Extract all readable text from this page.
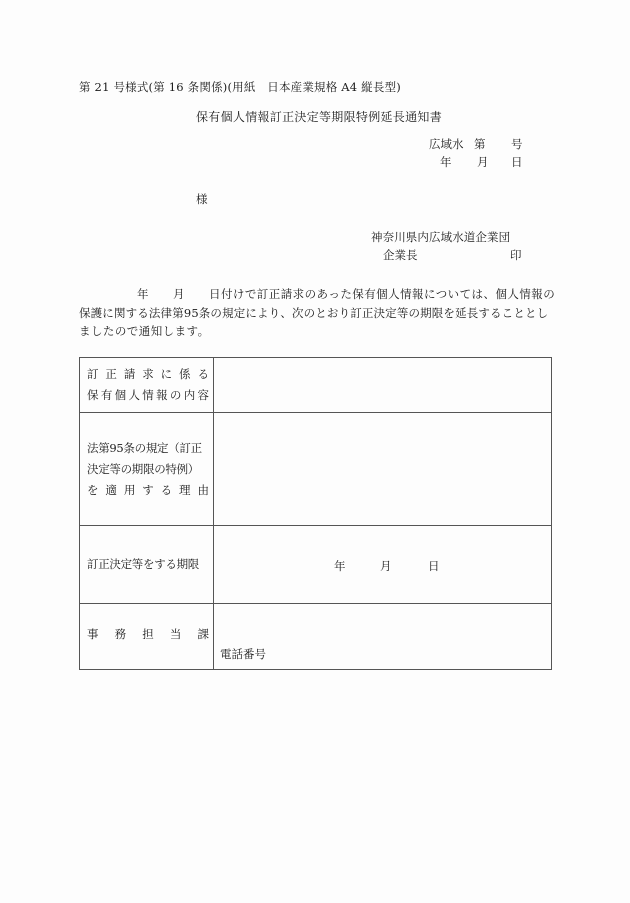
第 21 号様式(第 16 条関係)(用紙　日本産業規格 A4 縦長型)
保有個人情報訂正決定等期限特例延長通知書
広域水 第 号
年 月 日
様
神奈川県内広域水道企業団
企業長	印
年 月 日付けで訂正請求のあった保有個人情報については、個人情報の
保護に関する法律第95条の規定により、次のとおり訂正決定等の期限を延長することとし
ましたので通知します。
訂 正 請 求 に 係 る
保 有 個 人 情 報 の 内 容

法第95条の規定（訂正
決定等の期限の特例）
を 適 用 す る 理 由

訂正決定等をする期限	年 月 日

事 務 担 当 課	電話番号
